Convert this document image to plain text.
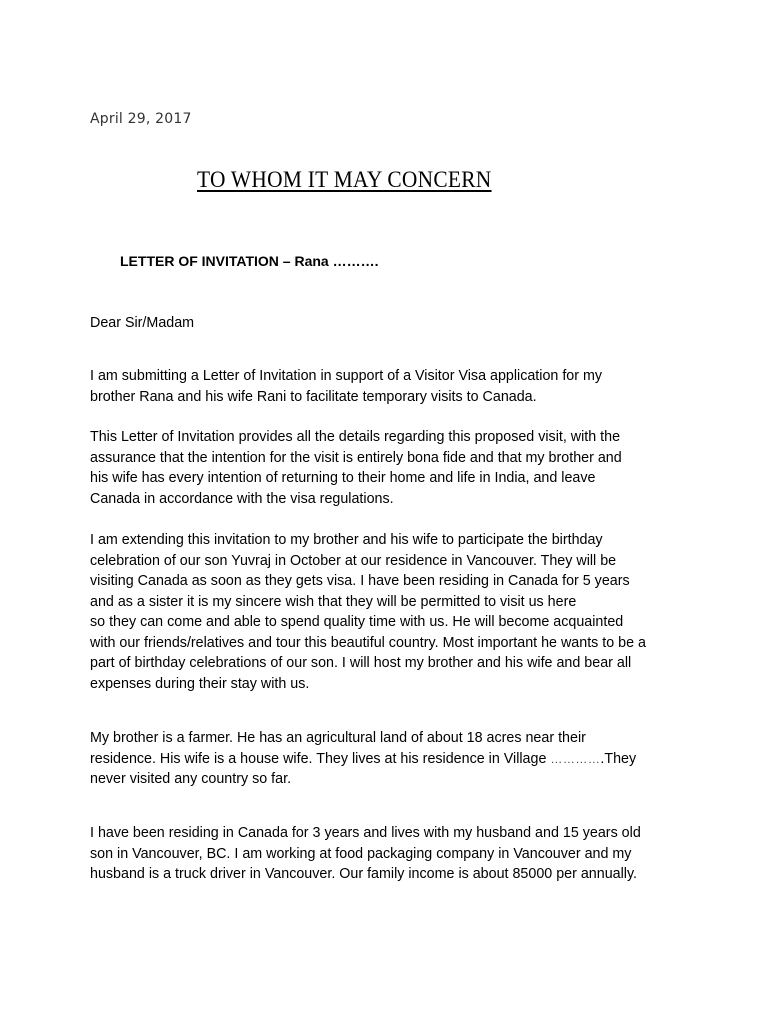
April 29, 2017
TO WHOM IT MAY CONCERN
LETTER OF INVITATION – Rana ……….
Dear Sir/Madam
I am submitting a Letter of Invitation in support of a Visitor Visa application for my
brother Rana and his wife Rani to facilitate temporary visits to Canada.
This Letter of Invitation provides all the details regarding this proposed visit, with the
assurance that the intention for the visit is entirely bona fide and that my brother and
his wife has every intention of returning to their home and life in India, and leave
Canada in accordance with the visa regulations.
I am extending this invitation to my brother and his wife to participate the birthday
celebration of our son Yuvraj in October at our residence in Vancouver. They will be
visiting Canada as soon as they gets visa. I have been residing in Canada for 5 years
and as a sister it is my sincere wish that they will be permitted to visit us here
so they can come and able to spend quality time with us. He will become acquainted
with our friends/relatives and tour this beautiful country. Most important he wants to be a
part of birthday celebrations of our son. I will host my brother and his wife and bear all
expenses during their stay with us.
My brother is a farmer. He has an agricultural land of about 18 acres near their
residence. His wife is a house wife. They lives at his residence in Village ………….They
never visited any country so far.
I have been residing in Canada for 3 years and lives with my husband and 15 years old
son in Vancouver, BC. I am working at food packaging company in Vancouver and my
husband is a truck driver in Vancouver. Our family income is about 85000 per annually.
